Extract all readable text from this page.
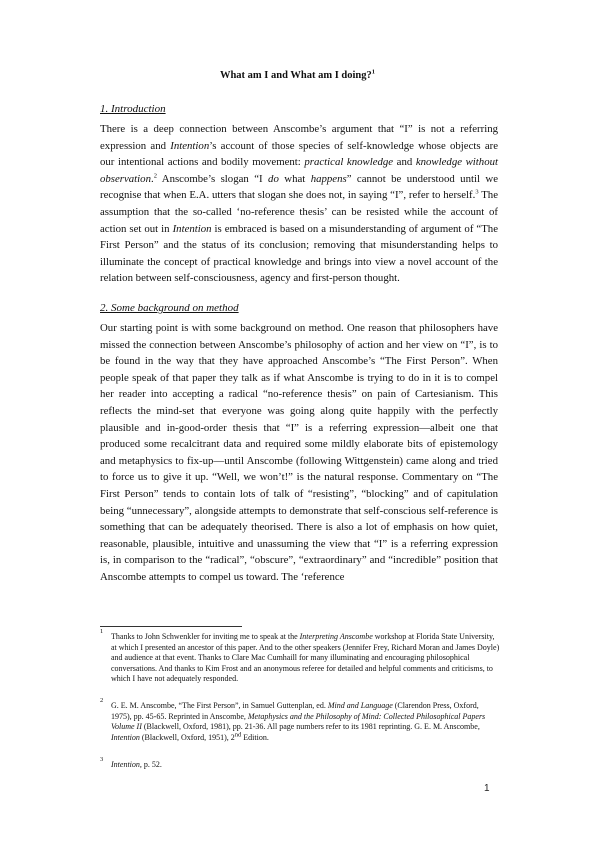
What am I and What am I doing?$^1$
1. Introduction

There is a deep connection between Anscombe’s argument that “I” is not a referring expression and Intention’s account of those species of self-knowledge whose objects are our intentional actions and bodily movement: practical knowledge and knowledge without observation.$^2$ Anscombe’s slogan “I do what happens” cannot be understood until we recognise that when E.A. utters that slogan she does not, in saying “I”, refer to herself.$^3$ The assumption that the so-called ‘no-reference thesis’ can be resisted while the account of action set out in Intention is embraced is based on a misunderstanding of argument of “The First Person” and the status of its conclusion; removing that misunderstanding helps to illuminate the concept of practical knowledge and brings into view a novel account of the relation between self-consciousness, agency and first-person thought.

2. Some background on method

Our starting point is with some background on method. One reason that philosophers have missed the connection between Anscombe’s philosophy of action and her view on “I”, is to be found in the way that they have approached Anscombe’s “The First Person”. When people speak of that paper they talk as if what Anscombe is trying to do in it is to compel her reader into accepting a radical “no-reference thesis” on pain of Cartesianism. This reflects the mind-set that everyone was going along quite happily with the perfectly plausible and in-good-order thesis that “I” is a referring expression—albeit one that produced some recalcitrant data and required some mildly elaborate bits of epistemology and metaphysics to fix-up—until Anscombe (following Wittgenstein) came along and tried to force us to give it up. “Well, we won’t!” is the natural response. Commentary on “The First Person” tends to contain lots of talk of “resisting”, “blocking” and of capitulation being “unnecessary”, alongside attempts to demonstrate that self-conscious self-reference is something that can be adequately theorised. There is also a lot of emphasis on how quiet, reasonable, plausible, intuitive and unassuming the view that “I” is a referring expression is, in comparison to the “radical”, “obscure”, “extraordinary” and “incredible” position that Anscombe attempts to compel us toward. The ‘reference

1
Thanks to John Schwenkler for inviting me to speak at the Interpreting Anscombe workshop at Florida State University, at which I presented an ancestor of this paper. And to the other speakers (Jennifer Frey, Richard Moran and James Doyle) and audience at that event. Thanks to Clare Mac Cumhaill for many illuminating and encouraging philosophical conversations. And thanks to Kim Frost and an anonymous referee for detailed and helpful comments and criticisms, to which I have not adequately responded.
2
G. E. M. Anscombe, “The First Person”, in Samuel Guttenplan, ed. Mind and Language (Clarendon Press, Oxford, 1975), pp. 45-65. Reprinted in Anscombe, Metaphysics and the Philosophy of Mind: Collected Philosophical Papers Volume II (Blackwell, Oxford, 1981), pp. 21-36. All page numbers refer to its 1981 reprinting. G. E. M. Anscombe, Intention (Blackwell, Oxford, 1951), 2nd Edition.
3
Intention, p. 52.
1
